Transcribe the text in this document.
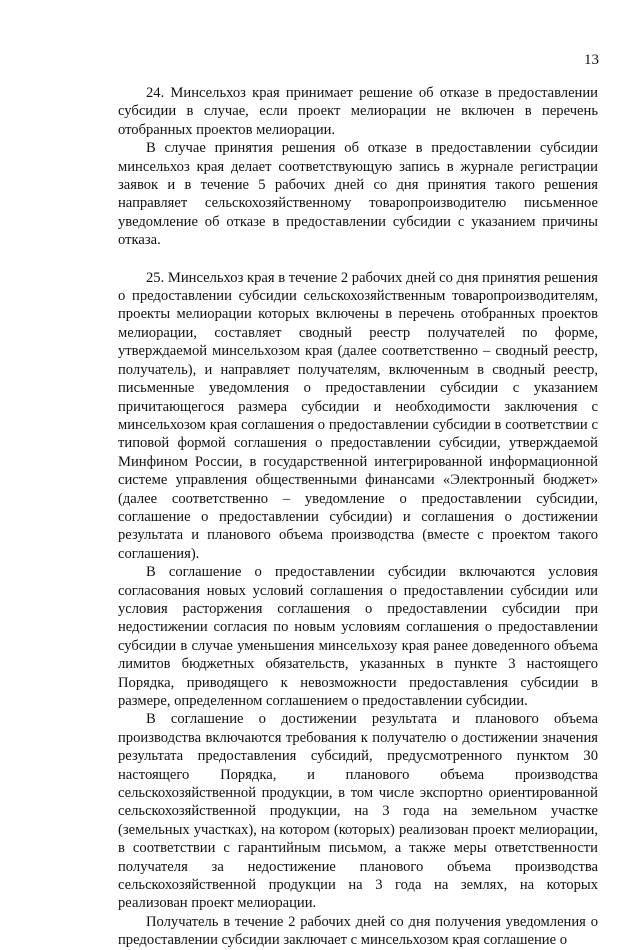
13

24. Минсельхоз края принимает решение об отказе в предоставлении субсидии в случае, если проект мелиорации не включен в перечень отобранных проектов мелиорации.

В случае принятия решения об отказе в предоставлении субсидии минсельхоз края делает соответствующую запись в журнале регистрации заявок и в течение 5 рабочих дней со дня принятия такого решения направляет сельскохозяйственному товаропроизводителю письменное уведомление об отказе в предоставлении субсидии с указанием причины отказа.

25. Минсельхоз края в течение 2 рабочих дней со дня принятия решения о предоставлении субсидии сельскохозяйственным товаропроизводителям, проекты мелиорации которых включены в перечень отобранных проектов мелиорации, составляет сводный реестр получателей по форме, утверждаемой минсельхозом края (далее соответственно – сводный реестр, получатель), и направляет получателям, включенным в сводный реестр, письменные уведомления о предоставлении субсидии с указанием причитающегося размера субсидии и необходимости заключения с минсельхозом края соглашения о предоставлении субсидии в соответствии с типовой формой соглашения о предоставлении субсидии, утверждаемой Минфином России, в государственной интегрированной информационной системе управления общественными финансами «Электронный бюджет» (далее соответственно – уведомление о предоставлении субсидии, соглашение о предоставлении субсидии) и соглашения о достижении результата и планового объема производства (вместе с проектом такого соглашения).

В соглашение о предоставлении субсидии включаются условия согласования новых условий соглашения о предоставлении субсидии или условия расторжения соглашения о предоставлении субсидии при недостижении согласия по новым условиям соглашения о предоставлении субсидии в случае уменьшения минсельхозу края ранее доведенного объема лимитов бюджетных обязательств, указанных в пункте 3 настоящего Порядка, приводящего к невозможности предоставления субсидии в размере, определенном соглашением о предоставлении субсидии.

В соглашение о достижении результата и планового объема производства включаются требования к получателю о достижении значения результата предоставления субсидий, предусмотренного пунктом 30 настоящего Порядка, и планового объема производства сельскохозяйственной продукции, в том числе экспортно ориентированной сельскохозяйственной продукции, на 3 года на земельном участке (земельных участках), на котором (которых) реализован проект мелиорации, в соответствии с гарантийным письмом, а также меры ответственности получателя за недостижение планового объема производства сельскохозяйственной продукции на 3 года на землях, на которых реализован проект мелиорации.

Получатель в течение 2 рабочих дней со дня получения уведомления о предоставлении субсидии заключает с минсельхозом края соглашение о
